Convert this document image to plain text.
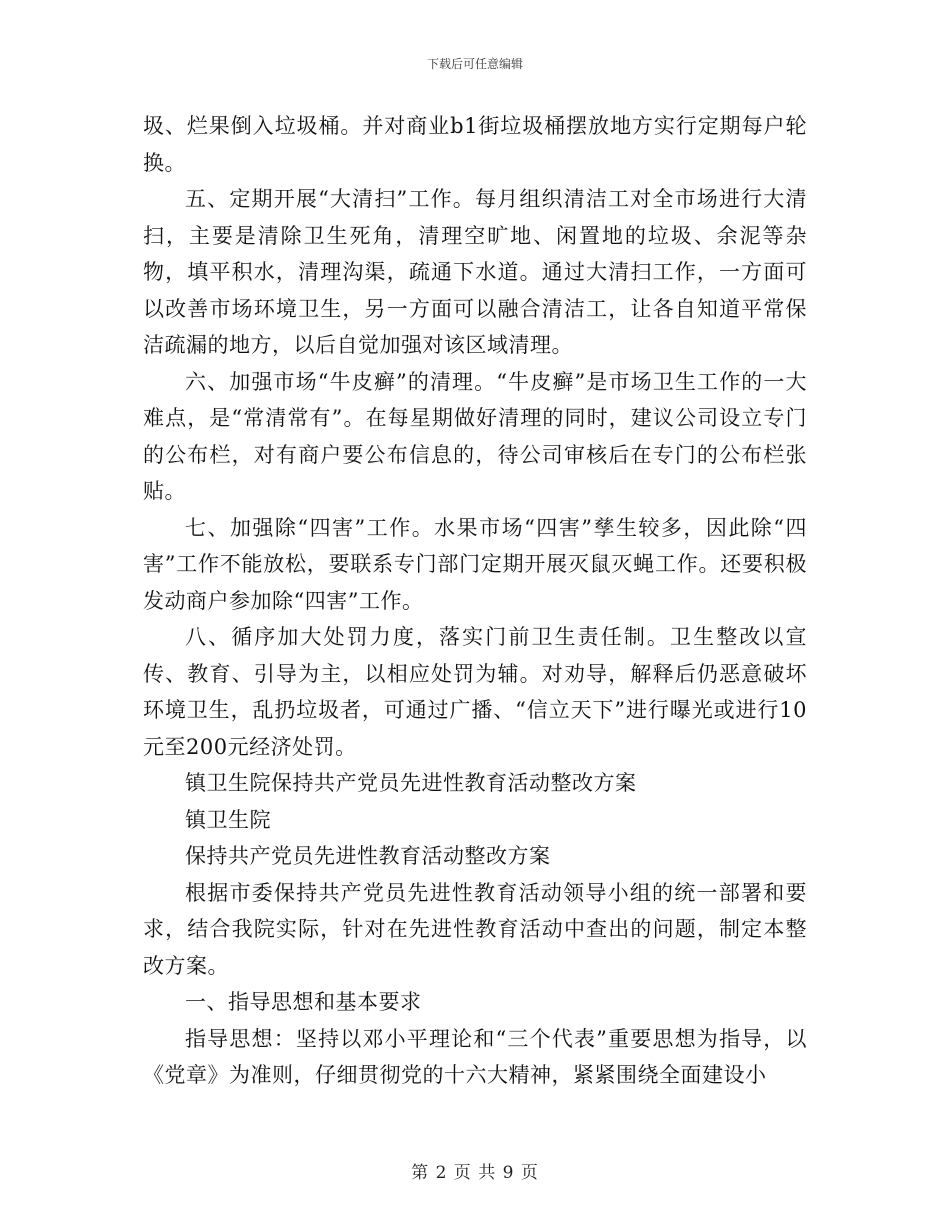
下载后可任意编辑

圾、烂果倒入垃圾桶。并对商业b1街垃圾桶摆放地方实行定期每户轮换。

五、定期开展“大清扫”工作。每月组织清洁工对全市场进行大清扫，主要是清除卫生死角，清理空旷地、闲置地的垃圾、余泥等杂物，填平积水，清理沟渠，疏通下水道。通过大清扫工作，一方面可以改善市场环境卫生，另一方面可以融合清洁工，让各自知道平常保洁疏漏的地方，以后自觉加强对该区域清理。

六、加强市场“牛皮癣”的清理。“牛皮癣”是市场卫生工作的一大难点，是“常清常有”。在每星期做好清理的同时，建议公司设立专门的公布栏，对有商户要公布信息的，待公司审核后在专门的公布栏张贴。

七、加强除“四害”工作。水果市场“四害”孳生较多，因此除“四害”工作不能放松，要联系专门部门定期开展灭鼠灭蝇工作。还要积极发动商户参加除“四害”工作。

八、循序加大处罚力度，落实门前卫生责任制。卫生整改以宣传、教育、引导为主，以相应处罚为辅。对劝导，解释后仍恶意破坏环境卫生，乱扔垃圾者，可通过广播、“信立天下”进行曝光或进行10元至200元经济处罚。

镇卫生院保持共产党员先进性教育活动整改方案

镇卫生院

保持共产党员先进性教育活动整改方案

根据市委保持共产党员先进性教育活动领导小组的统一部署和要求，结合我院实际，针对在先进性教育活动中查出的问题，制定本整改方案。

一、指导思想和基本要求

指导思想：坚持以邓小平理论和“三个代表”重要思想为指导，以《党章》为准则，仔细贯彻党的十六大精神，紧紧围绕全面建设小

第 2 页 共 9 页
